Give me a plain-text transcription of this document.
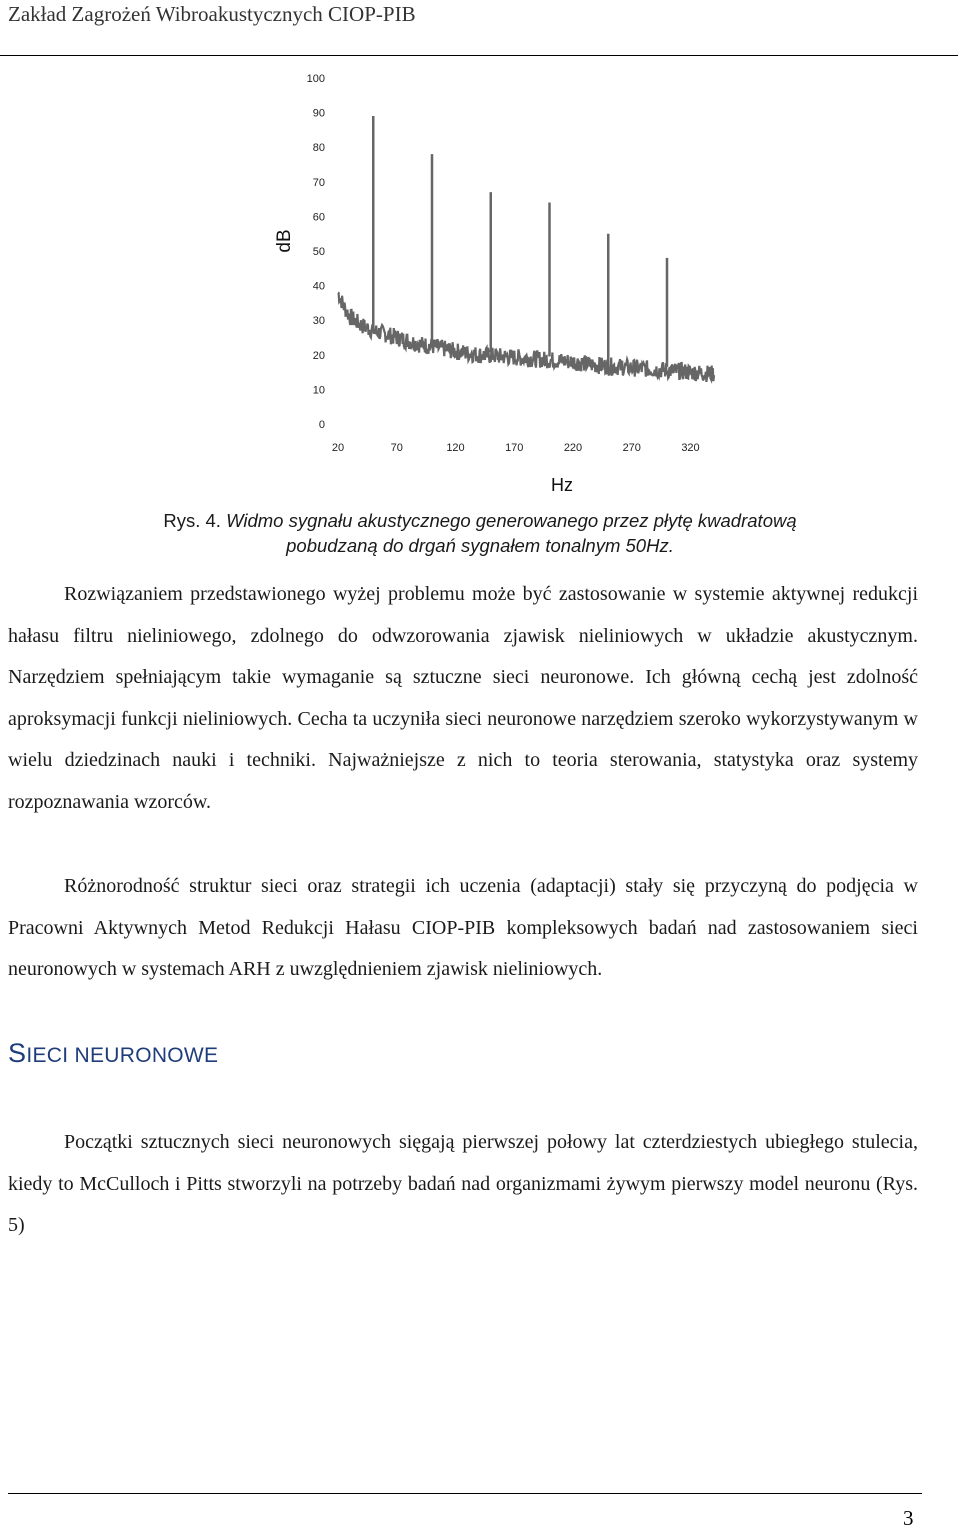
Zakład Zagrożeń Wibroakustycznych CIOP-PIB
0
10
20
30
40
50
60
70
80
90
100
20	70	120	170	220	270	320
dB
Hz
Rys. 4. Widmo sygnału akustycznego generowanego przez płytę kwadratową
pobudzaną do drgań sygnałem tonalnym 50Hz.
Rozwiązaniem przedstawionego wyżej problemu może być zastosowanie w systemie aktywnej redukcji hałasu filtru nieliniowego, zdolnego do odwzorowania zjawisk nieliniowych w układzie akustycznym. Narzędziem spełniającym takie wymaganie są sztuczne sieci neuronowe. Ich główną cechą jest zdolność aproksymacji funkcji nieliniowych. Cecha ta uczyniła sieci neuronowe narzędziem szeroko wykorzystywanym w wielu dziedzinach nauki i techniki. Najważniejsze z nich to teoria sterowania, statystyka oraz systemy rozpoznawania wzorców.
Różnorodność struktur sieci oraz strategii ich uczenia (adaptacji) stały się przyczyną do podjęcia w Pracowni Aktywnych Metod Redukcji Hałasu CIOP-PIB kompleksowych badań nad zastosowaniem sieci neuronowych w systemach ARH z uwzględnieniem zjawisk nieliniowych.
SIECI NEURONOWE
Początki sztucznych sieci neuronowych sięgają pierwszej połowy lat czterdziestych ubiegłego stulecia, kiedy to McCulloch i Pitts stworzyli na potrzeby badań nad organizmami żywym pierwszy model neuronu (Rys. 5)
3
